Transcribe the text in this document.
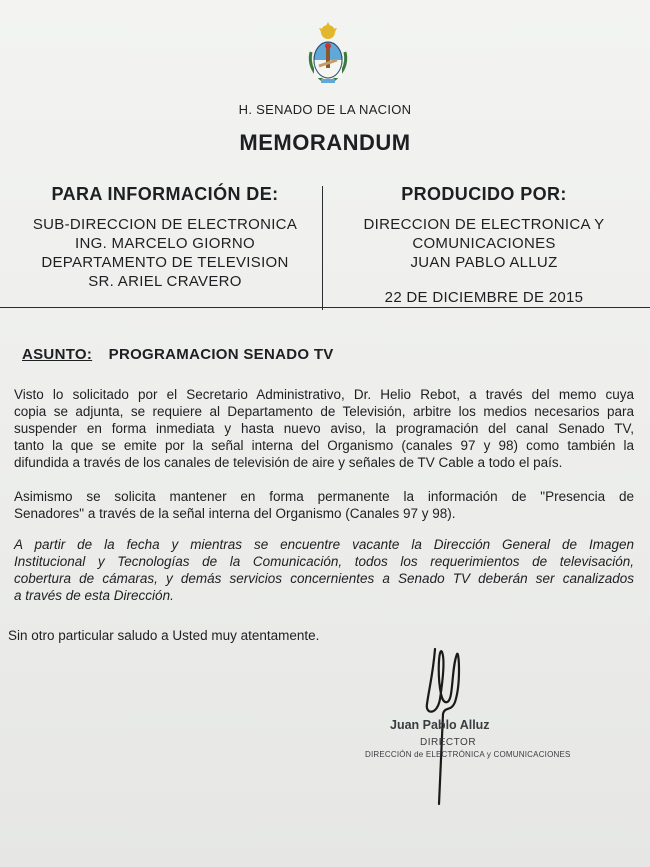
H. SENADO DE LA NACION
MEMORANDUM
PARA INFORMACIÓN DE:
SUB-DIRECCION DE ELECTRONICA
ING. MARCELO GIORNO
DEPARTAMENTO DE TELEVISION
SR. ARIEL CRAVERO
PRODUCIDO POR:
DIRECCION DE ELECTRONICA Y
COMUNICACIONES
JUAN PABLO ALLUZ
22 DE DICIEMBRE DE 2015
ASUNTO: PROGRAMACION SENADO TV
Visto lo solicitado por el Secretario Administrativo, Dr. Helio Rebot, a través del memo cuya
copia se adjunta, se requiere al Departamento de Televisión, arbitre los medios necesarios para
suspender en forma inmediata y hasta nuevo aviso, la programación del canal Senado TV,
tanto la que se emite por la señal interna del Organismo (canales 97 y 98) como también la
difundida a través de los canales de televisión de aire y señales de TV Cable a todo el país.
Asimismo se solicita mantener en forma permanente la información de "Presencia de
Senadores" a través de la señal interna del Organismo (Canales 97 y 98).
A partir de la fecha y mientras se encuentre vacante la Dirección General de Imagen
Institucional y Tecnologías de la Comunicación, todos los requerimientos de televisación,
cobertura de cámaras, y demás servicios concernientes a Senado TV deberán ser canalizados
a través de esta Dirección.
Sin otro particular saludo a Usted muy atentamente.
Juan Pablo Alluz
DIRECTOR
DIRECCIÓN de ELECTRÓNICA y COMUNICACIONES
